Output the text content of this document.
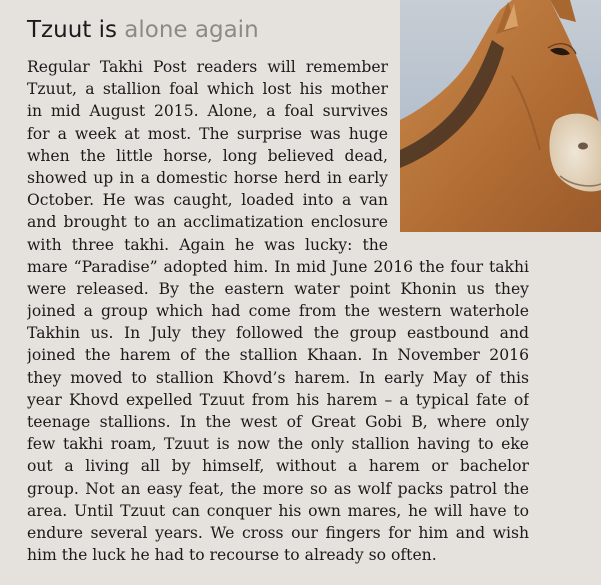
Tzuut is alone again
Regular Takhi Post readers will remember
Tzuut, a stallion foal which lost his mother
in mid August 2015. Alone, a foal survives
for a week at most. The surprise was huge
when the little horse, long believed dead,
showed up in a domestic horse herd in early
October. He was caught, loaded into a van
and brought to an acclimatization enclosure
with three takhi. Again he was lucky: the
mare “Paradise” adopted him. In mid June 2016 the four takhi
were released. By the eastern water point Khonin us they
joined a group which had come from the western waterhole
Takhin us. In July they followed the group eastbound and
joined the harem of the stallion Khaan. In November 2016
they moved to stallion Khovd’s harem. In early May of this
year Khovd expelled Tzuut from his harem – a typical fate of
teenage stallions. In the west of Great Gobi B, where only
few takhi roam, Tzuut is now the only stallion having to eke
out a living all by himself, without a harem or bachelor
group. Not an easy feat, the more so as wolf packs patrol the
area. Until Tzuut can conquer his own mares, he will have to
endure several years. We cross our fingers for him and wish
him the luck he had to recourse to already so often.
